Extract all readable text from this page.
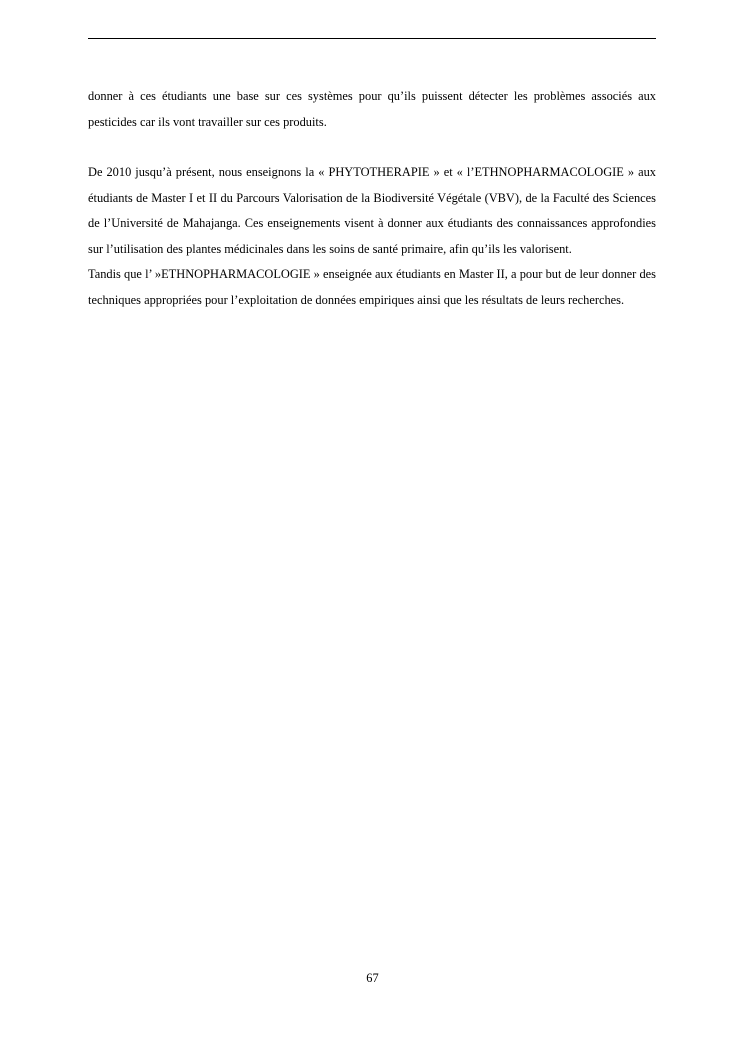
donner à ces étudiants une base sur ces systèmes pour qu’ils puissent détecter les problèmes associés aux pesticides car ils vont travailler sur ces produits.

De 2010 jusqu’à présent, nous enseignons la « PHYTOTHERAPIE » et « l’ETHNOPHARMACOLOGIE » aux étudiants de Master I et II du Parcours Valorisation de la Biodiversité Végétale (VBV), de la Faculté des Sciences de l’Université de Mahajanga. Ces enseignements visent à donner aux étudiants des connaissances approfondies sur l’utilisation des plantes médicinales dans les soins de santé primaire, afin qu’ils les valorisent.

Tandis que l’ »ETHNOPHARMACOLOGIE » enseignée aux étudiants en Master II, a pour but de leur donner des techniques appropriées pour l’exploitation de données empiriques ainsi que les résultats de leurs recherches.

67
